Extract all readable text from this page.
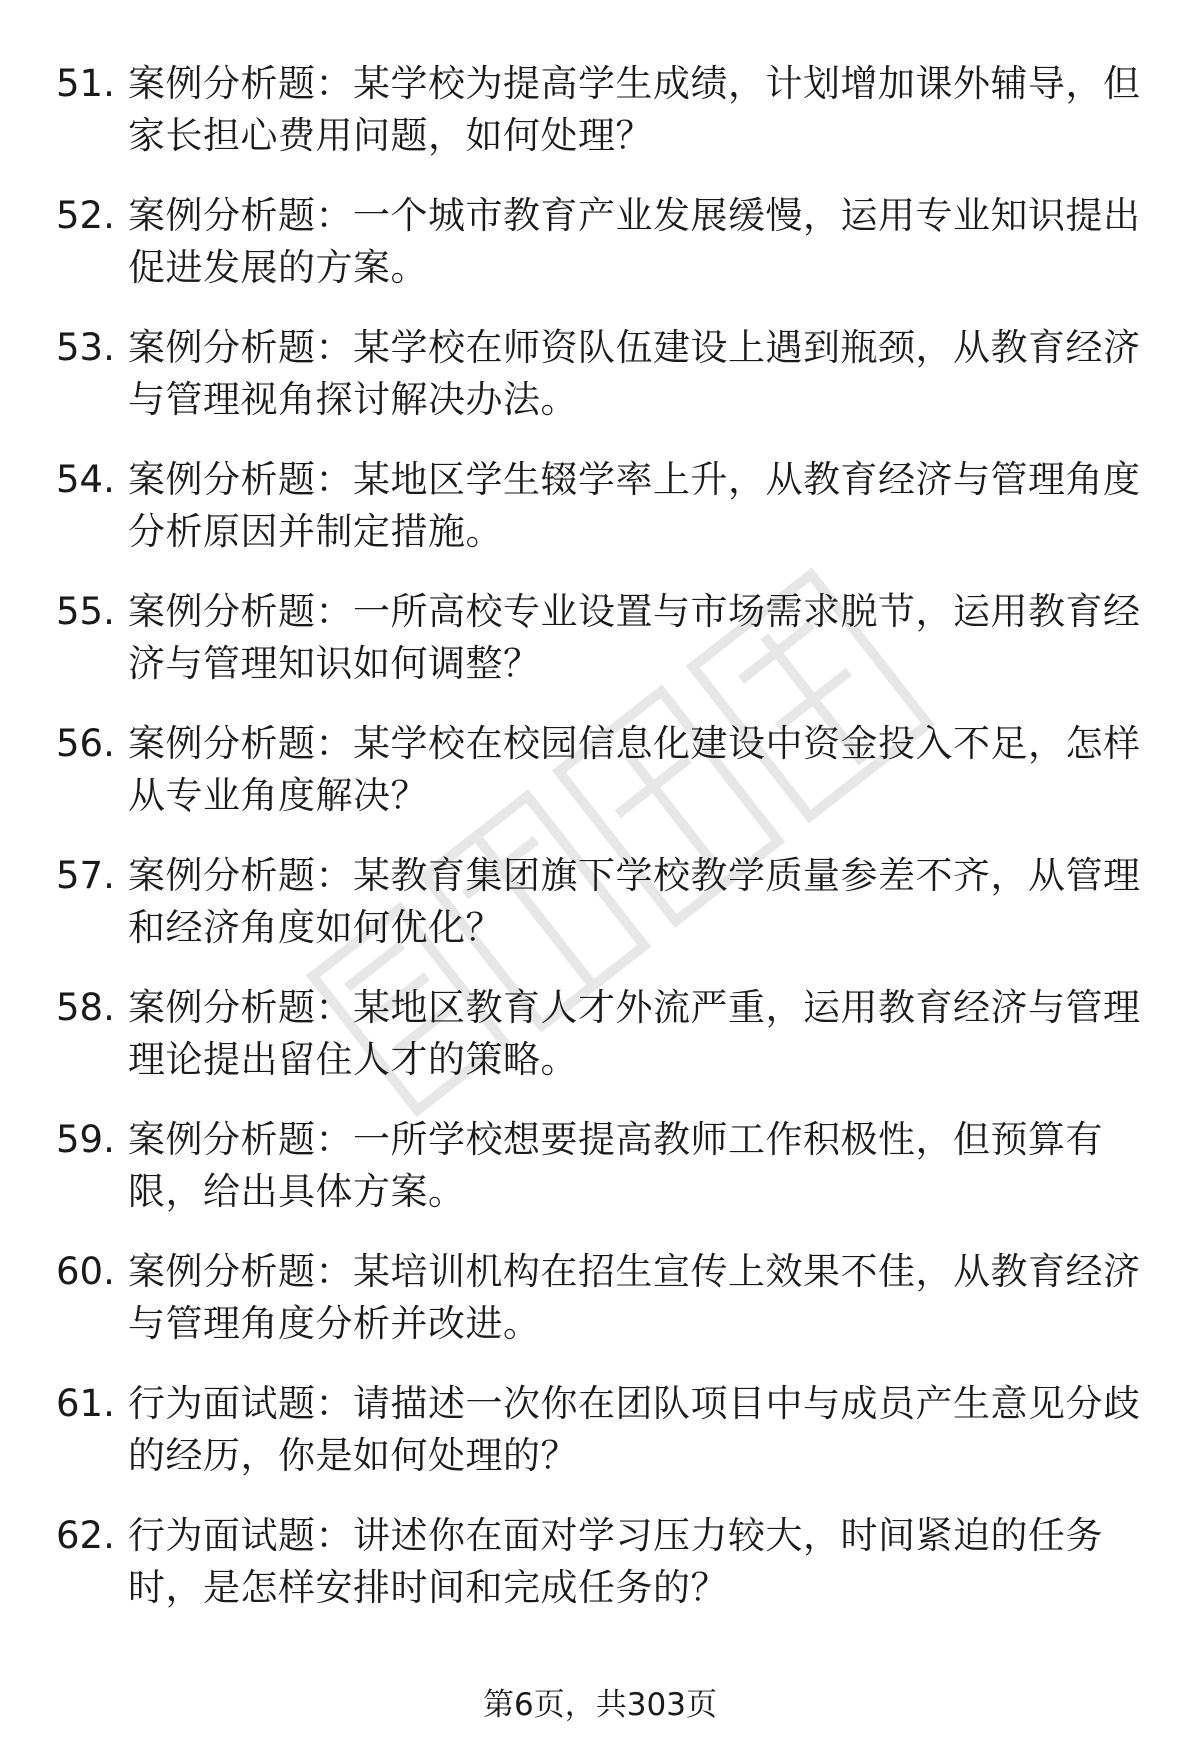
51. 案例分析题：某学校为提高学生成绩，计划增加课外辅导，但家长担心费用问题，如何处理？
52. 案例分析题：一个城市教育产业发展缓慢，运用专业知识提出促进发展的方案。
53. 案例分析题：某学校在师资队伍建设上遇到瓶颈，从教育经济与管理视角探讨解决办法。
54. 案例分析题：某地区学生辍学率上升，从教育经济与管理角度分析原因并制定措施。
55. 案例分析题：一所高校专业设置与市场需求脱节，运用教育经济与管理知识如何调整？
56. 案例分析题：某学校在校园信息化建设中资金投入不足，怎样从专业角度解决？
57. 案例分析题：某教育集团旗下学校教学质量参差不齐，从管理和经济角度如何优化？
58. 案例分析题：某地区教育人才外流严重，运用教育经济与管理理论提出留住人才的策略。
59. 案例分析题：一所学校想要提高教师工作积极性，但预算有限，给出具体方案。
60. 案例分析题：某培训机构在招生宣传上效果不佳，从教育经济与管理角度分析并改进。
61. 行为面试题：请描述一次你在团队项目中与成员产生意见分歧的经历，你是如何处理的？
62. 行为面试题：讲述你在面对学习压力较大，时间紧迫的任务时，是怎样安排时间和完成任务的？
第6页，共303页
